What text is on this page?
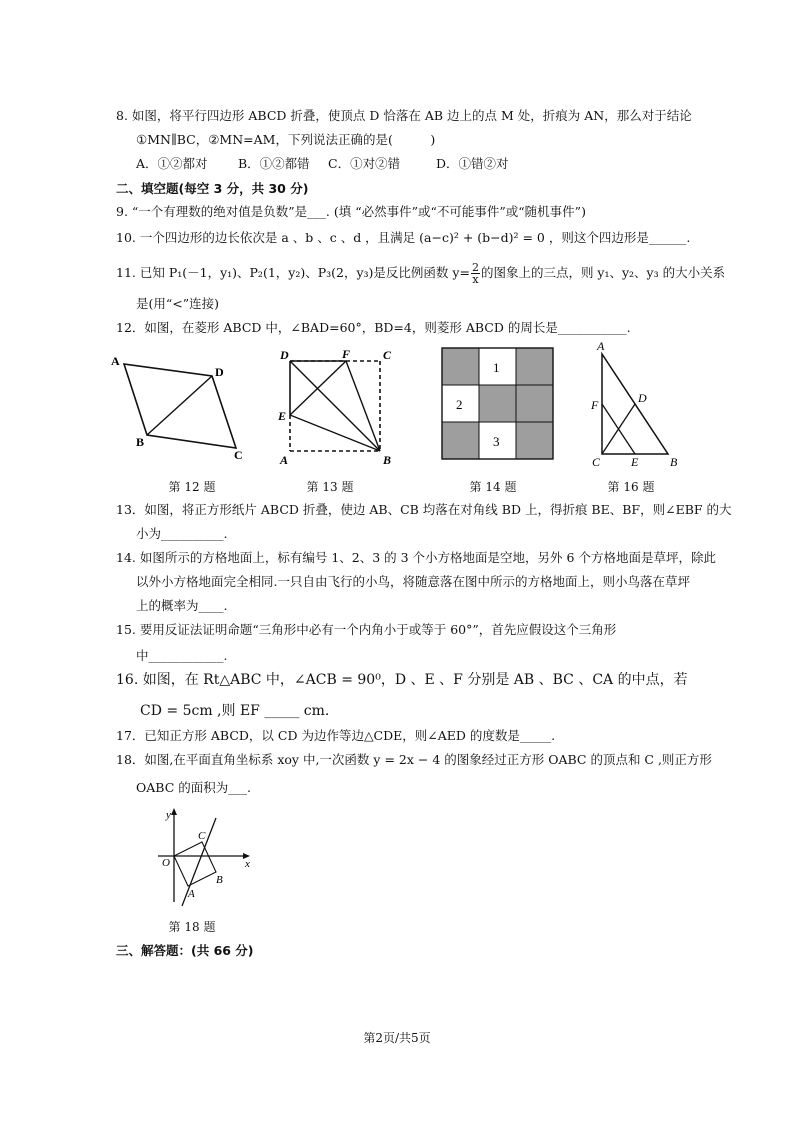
8. 如图，将平行四边形 ABCD 折叠，使顶点 D 恰落在 AB 边上的点 M 处，折痕为 AN，那么对于结论
①MN∥BC，②MN=AM，下列说法正确的是(　　　)
A．①②都对 B．①②都错 C．①对②错	D．①错②对
二、填空题(每空 3 分，共 30 分)
9. “一个有理数的绝对值是负数”是___. (填 “必然事件”或“不可能事件”或“随机事件”)
10. 一个四边形的边长依次是 a 、b 、c 、d ，且满足 (a−c)² + (b−d)² = 0 ，则这个四边形是______.
11. 已知 P₁(－1，y₁)、P₂(1，y₂)、P₃(2，y₃)是反比例函数 $y= \frac{2}{x}$ 的图象上的三点，则 y₁、y₂、y₃ 的大小关系
是(用“<”连接)
12．如图，在菱形 ABCD 中，∠BAD=60°，BD=4，则菱形 ABCD 的周长是___________.
A
D
B
C
D	F	C
E
A	B
1
2
3
A
D
F
C	E	B
第 12 题	第 13 题	第 14 题	第 16 题
13．如图，将正方形纸片 ABCD 折叠，使边 AB、CB 均落在对角线 BD 上，得折痕 BE、BF，则∠EBF 的大
小为__________.
14. 如图所示的方格地面上，标有编号 1、2、3 的 3 个小方格地面是空地，另外 6 个方格地面是草坪，除此
以外小方格地面完全相同.一只自由飞行的小鸟，将随意落在图中所示的方格地面上，则小鸟落在草坪
上的概率为____.
15. 要用反证法证明命题“三角形中必有一个内角小于或等于 60°”，首先应假设这个三角形
中____________.
16. 如图，在 Rt△ABC 中，∠ACB = 90⁰，D 、E 、F 分别是 AB 、BC 、CA 的中点，若
CD = 5cm ,则 EF _____ cm.
17．已知正方形 ABCD，以 CD 为边作等边△CDE，则∠AED 的度数是_____.
18．如图,在平面直角坐标系 xoy 中,一次函数 y = 2x − 4 的图象经过正方形 OABC 的顶点和 C ,则正方形
OABC 的面积为___.
y
C
O	x
B
A
第 18 题
三、解答题：(共 66 分)
第2页/共5页
